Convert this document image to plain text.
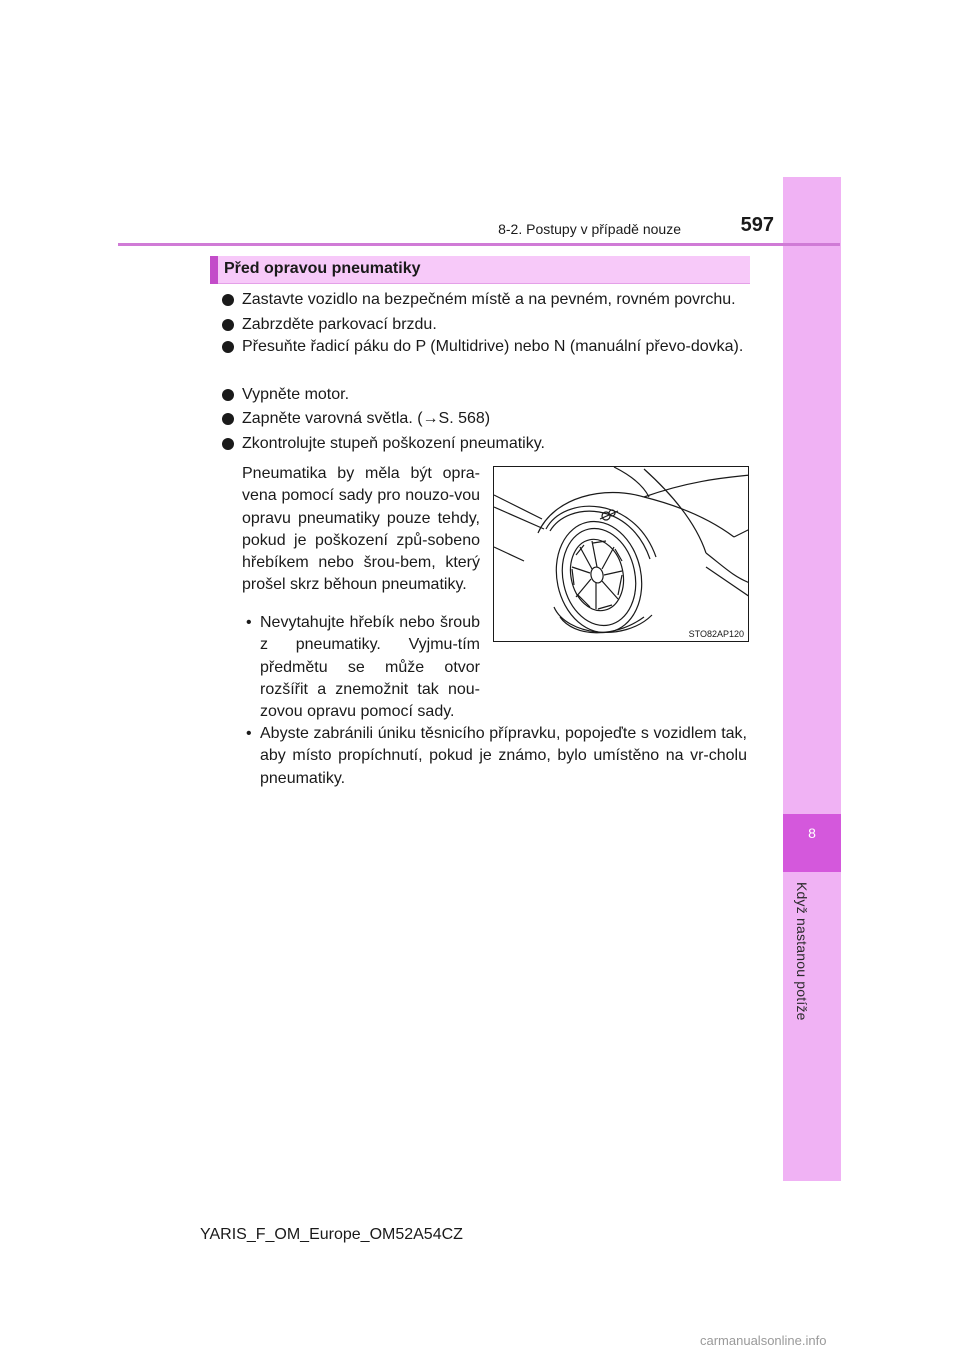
8
Když nastanou potíže
8-2. Postupy v případě nouze	597
Před opravou pneumatiky
Zastavte vozidlo na bezpečném místě a na pevném, rovném povrchu.
Zabrzděte parkovací brzdu.
Přesuňte řadicí páku do P (Multidrive) nebo N (manuální převo-dovka).
Vypněte motor.
Zapněte varovná světla. (→S. 568)
Zkontrolujte stupeň poškození pneumatiky.
Pneumatika by měla být opra-vena pomocí sady pro nouzo-vou opravu pneumatiky pouze tehdy, pokud je poškození způ-sobeno hřebíkem nebo šrou-bem, který prošel skrz běhoun pneumatiky.
• Nevytahujte hřebík nebo šroub z pneumatiky. Vyjmu-tím předmětu se může otvor rozšířit a znemožnit tak nou-zovou opravu pomocí sady.
• Abyste zabránili úniku těsnicího přípravku, popojeďte s vozidlem tak, aby místo propíchnutí, pokud je známo, bylo umístěno na vr-cholu pneumatiky.
STO82AP120
YARIS_F_OM_Europe_OM52A54CZ
carmanualsonline.info
